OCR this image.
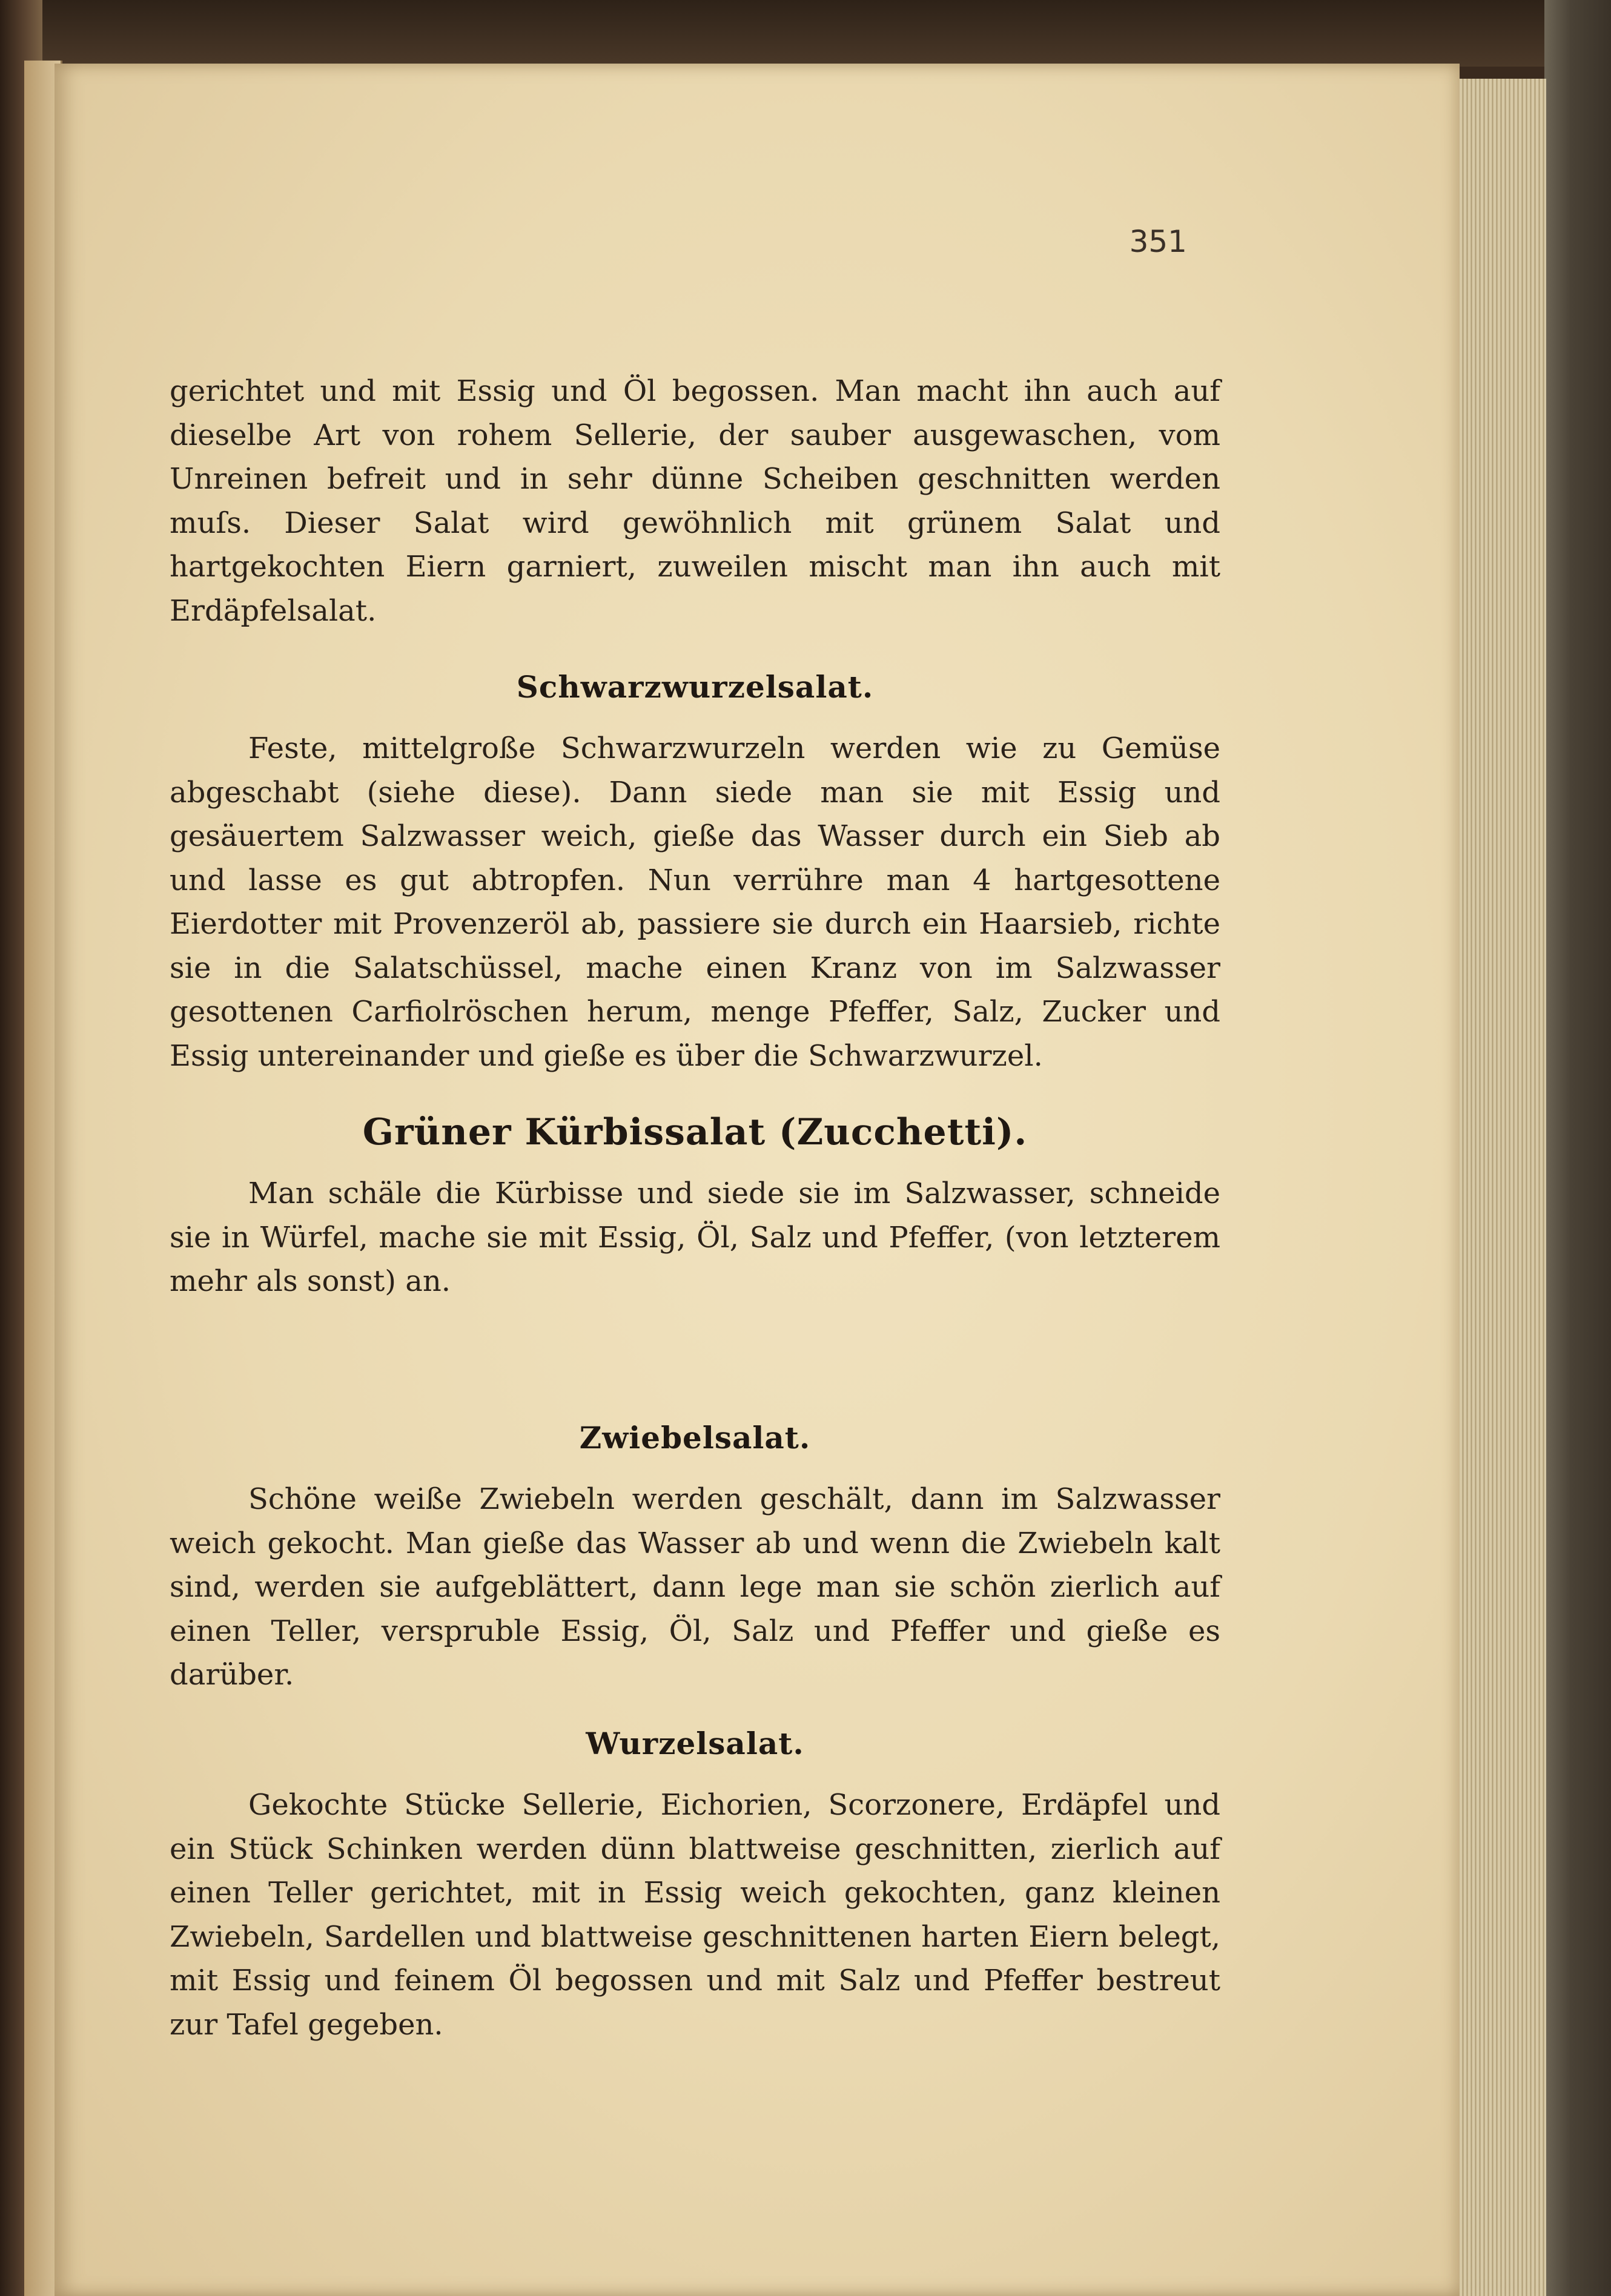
351

gerichtet und mit Essig und Öl begossen. Man macht ihn auch auf dieselbe Art von rohem Sellerie, der sauber ausgewaschen, vom Unreinen befreit und in sehr dünne Scheiben geschnitten werden muſs. Dieser Salat wird gewöhnlich mit grünem Salat und hartgekochten Eiern garniert, zuweilen mischt man ihn auch mit Erdäpfelsalat.

Schwarzwurzelsalat.

Feste, mittelgroße Schwarzwurzeln werden wie zu Gemüse abgeschabt (siehe diese). Dann siede man sie mit Essig und gesäuertem Salzwasser weich, gieße das Wasser durch ein Sieb ab und lasse es gut abtropfen. Nun verrühre man 4 hartgesottene Eierdotter mit Provenzeröl ab, passiere sie durch ein Haarsieb, richte sie in die Salatschüssel, mache einen Kranz von im Salzwasser gesottenen Carfiolröschen herum, menge Pfeffer, Salz, Zucker und Essig untereinander und gieße es über die Schwarzwurzel.

Grüner Kürbissalat (Zucchetti).

Man schäle die Kürbisse und siede sie im Salzwasser, schneide sie in Würfel, mache sie mit Essig, Öl, Salz und Pfeffer, (von letzterem mehr als sonst) an.

Zwiebelsalat.

Schöne weiße Zwiebeln werden geschält, dann im Salzwasser weich gekocht. Man gieße das Wasser ab und wenn die Zwiebeln kalt sind, werden sie aufgeblättert, dann lege man sie schön zierlich auf einen Teller, verspruble Essig, Öl, Salz und Pfeffer und gieße es darüber.

Wurzelsalat.

Gekochte Stücke Sellerie, Eichorien, Scorzonere, Erdäpfel und ein Stück Schinken werden dünn blattweise geschnitten, zierlich auf einen Teller gerichtet, mit in Essig weich gekochten, ganz kleinen Zwiebeln, Sardellen und blattweise geschnittenen harten Eiern belegt, mit Essig und feinem Öl begossen und mit Salz und Pfeffer bestreut zur Tafel gegeben.
